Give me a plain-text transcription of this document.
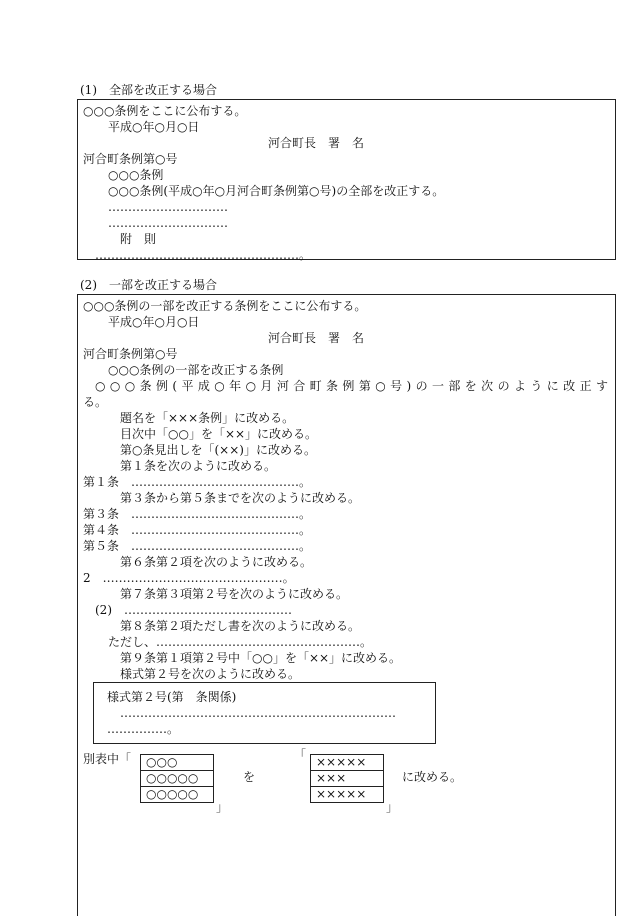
(1)　全部を改正する場合
○○○条例をここに公布する。
平成○年○月○日
河合町長　署　名
河合町条例第○号
○○○条例
○○○条例(平成○年○月河合町条例第○号)の全部を改正する。
…………………………
…………………………
附　則
……………………………………………。
(2)　一部を改正する場合
○○○条例の一部を改正する条例をここに公布する。
平成○年○月○日
河合町長　署　名
河合町条例第○号
○○○条例の一部を改正する条例
○○○条例(平成○年○月河合町条例第○号)の一部を次のように改正す
る。
題名を「×××条例」に改める。
目次中「○○」を「××」に改める。
第○条見出しを「(××)」に改める。
第１条を次のように改める。
第１条　……………………………………。
第３条から第５条までを次のように改める。
第３条　……………………………………。
第４条　……………………………………。
第５条　……………………………………。
第６条第２項を次のように改める。
2　………………………………………。
第７条第３項第２号を次のように改める。
(2)　……………………………………
第８条第２項ただし書を次のように改める。
ただし、……………………………………………。
第９条第１項第２号中「○○」を「××」に改める。
様式第２号を次のように改める。
様式第２号(第　条関係)
……………………………………………………………
……………。
別表中「 ○○○
○○○○○
○○○○○
」
を
「 ×××××
×××
×××××
」
に改める。
